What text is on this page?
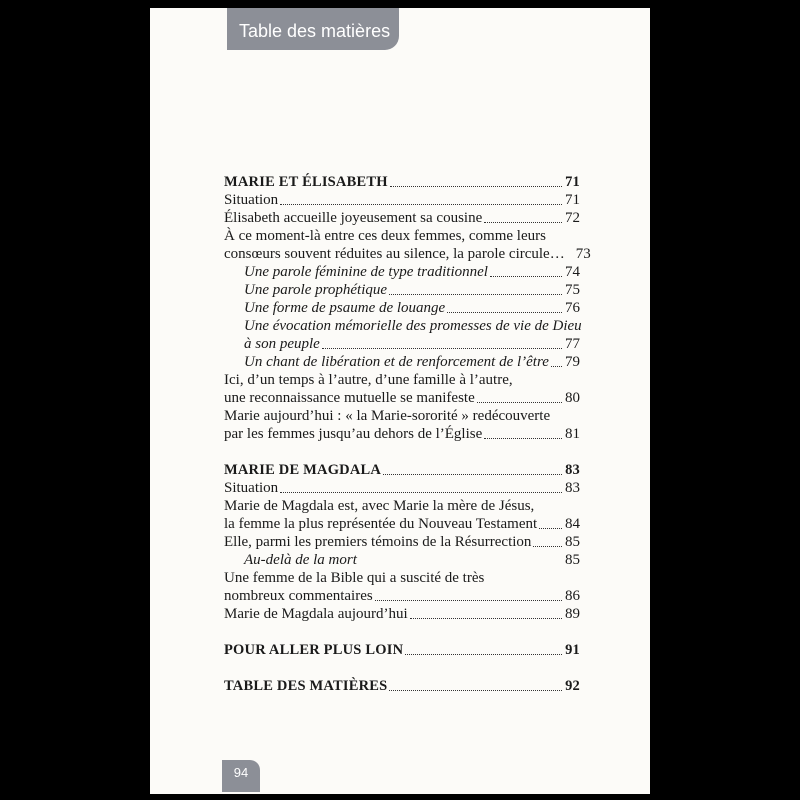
Table des matières
MARIE ET ÉLISABETH	71
Situation	71
Élisabeth accueille joyeusement sa cousine	72
À ce moment-là entre ces deux femmes, comme leurs
consœurs souvent réduites au silence, la parole circule… 73
Une parole féminine de type traditionnel	74
Une parole prophétique	75
Une forme de psaume de louange	76
Une évocation mémorielle des promesses de vie de Dieu
à son peuple	77
Un chant de libération et de renforcement de l’être 79
Ici, d’un temps à l’autre, d’une famille à l’autre,
une reconnaissance mutuelle se manifeste	80
Marie aujourd’hui : « la Marie-sororité » redécouverte
par les femmes jusqu’au dehors de l’Église	81
MARIE DE MAGDALA	83
Situation	83
Marie de Magdala est, avec Marie la mère de Jésus,
la femme la plus représentée du Nouveau Testament 84
Elle, parmi les premiers témoins de la Résurrection 85
Au-delà de la mort	85
Une femme de la Bible qui a suscité de très
nombreux commentaires	86
Marie de Magdala aujourd’hui	89
POUR ALLER PLUS LOIN	91
TABLE DES MATIÈRES	92
94
